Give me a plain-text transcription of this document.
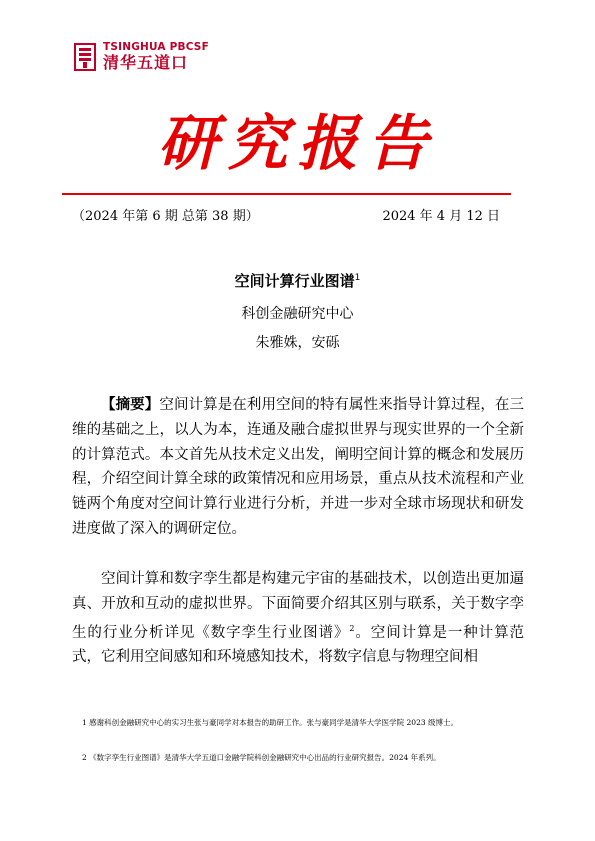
TSINGHUA PBCSF
清华五道口
研究报告
（2024 年第 6 期 总第 38 期）	2024 年 4 月 12 日
空间计算行业图谱$^1$
科创金融研究中心
朱雅姝，安砾

【摘要】空间计算是在利用空间的特有属性来指导计算过程，在三维的基础之上，以人为本，连通及融合虚拟世界与现实世界的一个全新的计算范式。本文首先从技术定义出发，阐明空间计算的概念和发展历程，介绍空间计算全球的政策情况和应用场景，重点从技术流程和产业链两个角度对空间计算行业进行分析，并进一步对全球市场现状和研发进度做了深入的调研定位。

空间计算和数字孪生都是构建元宇宙的基础技术，以创造出更加逼真、开放和互动的虚拟世界。下面简要介绍其区别与联系，关于数字孪生的行业分析详见《数字孪生行业图谱》$^2$。空间计算是一种计算范式，它利用空间感知和环境感知技术，将数字信息与物理空间相

1 感谢科创金融研究中心的实习生张与豪同学对本报告的助研工作。张与豪同学是清华大学医学院 2023 级博士。

2 《数字孪生行业图谱》是清华大学五道口金融学院科创金融研究中心出品的行业研究报告。2024 年系列。
